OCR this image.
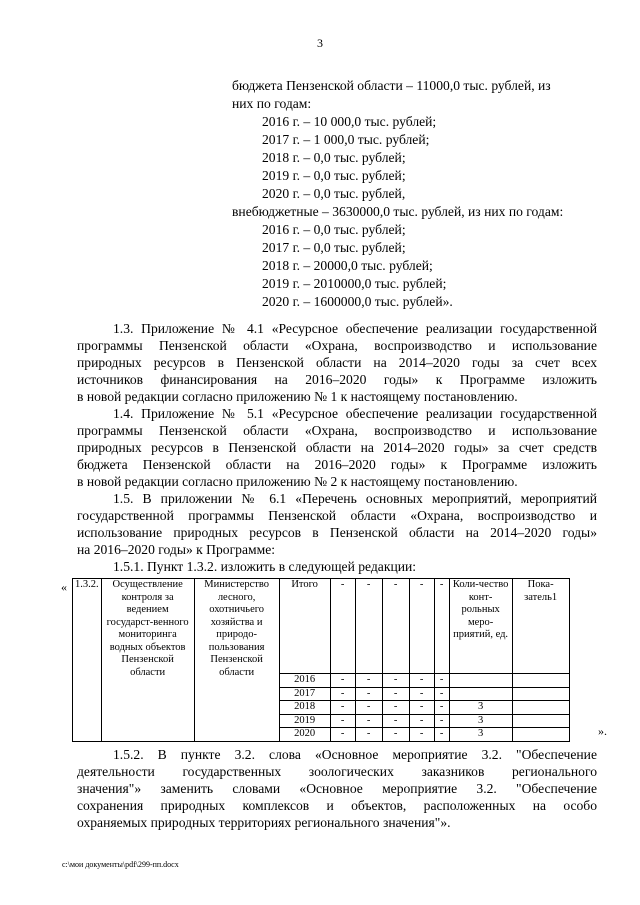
3
бюджета Пензенской области – 11000,0 тыс. рублей, из
них по годам:
2016 г. – 10 000,0 тыс. рублей;
2017 г. – 1 000,0 тыс. рублей;
2018 г. – 0,0 тыс. рублей;
2019 г. – 0,0 тыс. рублей;
2020 г. – 0,0 тыс. рублей,
внебюджетные – 3630000,0 тыс. рублей, из них по годам:
2016 г. – 0,0 тыс. рублей;
2017 г. – 0,0 тыс. рублей;
2018 г. – 20000,0 тыс. рублей;
2019 г. – 2010000,0 тыс. рублей;
2020 г. – 1600000,0 тыс. рублей».

1.3. Приложение № 4.1 «Ресурсное обеспечение реализации государственной

программы Пензенской области «Охрана, воспроизводство и использование

природных ресурсов в Пензенской области на 2014–2020 годы за счет всех

источников финансирования на 2016–2020 годы» к Программе изложить

в новой редакции согласно приложению № 1 к настоящему постановлению.

1.4. Приложение № 5.1 «Ресурсное обеспечение реализации государственной

программы Пензенской области «Охрана, воспроизводство и использование

природных ресурсов в Пензенской области на 2014–2020 годы» за счет средств

бюджета Пензенской области на 2016–2020 годы» к Программе изложить

в новой редакции согласно приложению № 2 к настоящему постановлению.

1.5. В приложении № 6.1 «Перечень основных мероприятий, мероприятий

государственной программы Пензенской области «Охрана, воспроизводство и

использование природных ресурсов в Пензенской области на 2014–2020 годы»

на 2016–2020 годы» к Программе:

1.5.1. Пункт 1.3.2. изложить в следующей редакции:
« 1.3.2.	Осуществление контроля за ведением государст-венного мониторинга водных объектов Пензенской области	Министерство лесного, охотничьего хозяйства и природо-пользования Пензенской области	Итого	-	-	-	-	-	Коли-чество конт-рольных меро-приятий, ед.	Пока-затель1
			2016	-	-	-	-	-		
			2017	-	-	-	-	-		
			2018	-	-	-	-	-	3	
			2019	-	-	-	-	-	3	
			2020	-	-	-	-	-	3		».

1.5.2. В пункте 3.2. слова «Основное мероприятие 3.2. "Обеспечение

деятельности государственных зоологических заказников регионального

значения"» заменить словами «Основное мероприятие 3.2. "Обеспечение

сохранения природных комплексов и объектов, расположенных на особо

охраняемых природных территориях регионального значения"».

c:\мои документы\pdf\299-пп.docx
